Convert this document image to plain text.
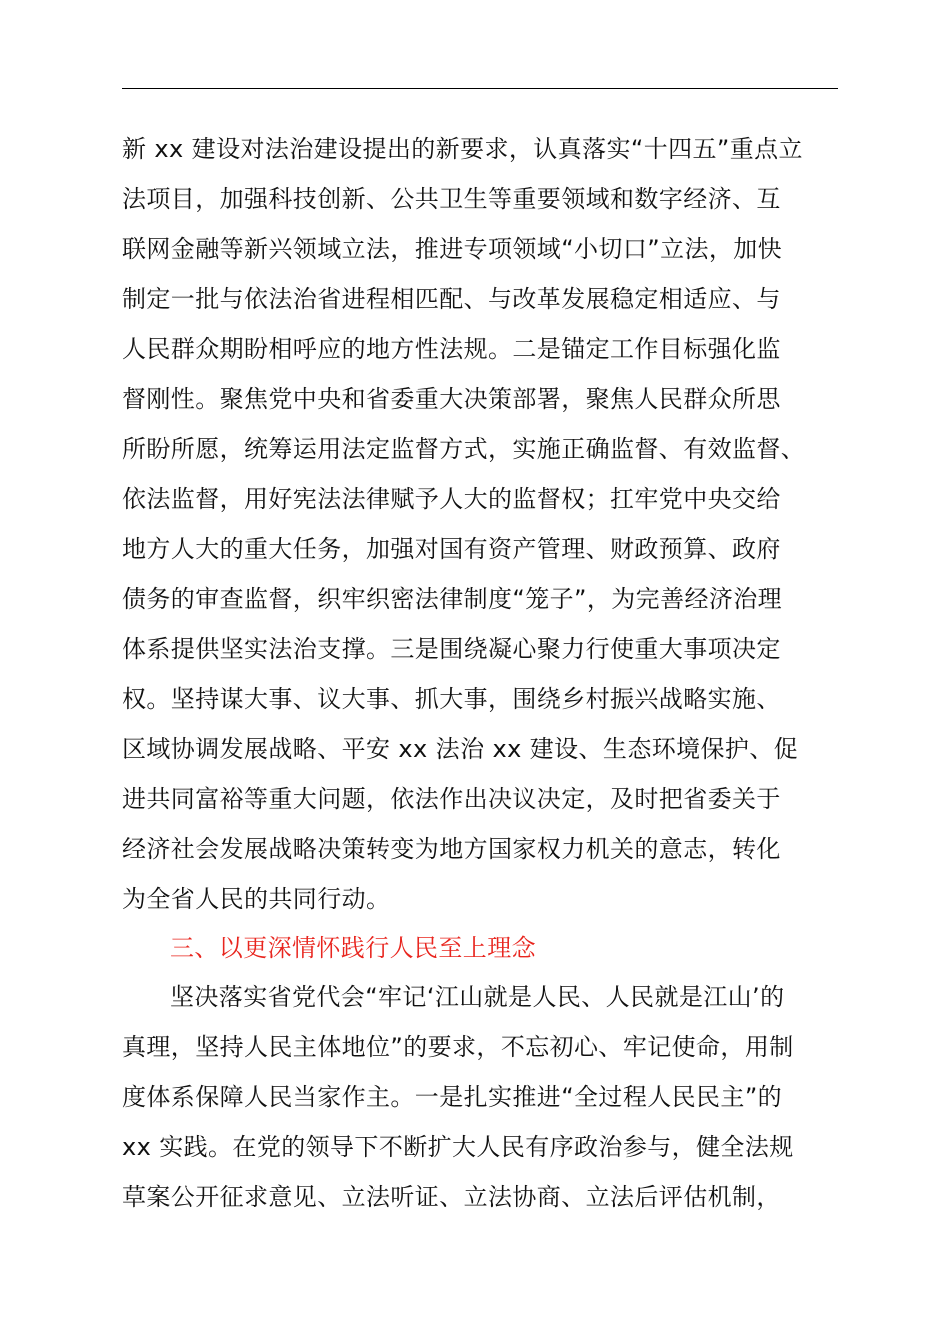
新 xx 建设对法治建设提出的新要求，认真落实“十四五”重点立
法项目，加强科技创新、公共卫生等重要领域和数字经济、互
联网金融等新兴领域立法，推进专项领域“小切口”立法，加快
制定一批与依法治省进程相匹配、与改革发展稳定相适应、与
人民群众期盼相呼应的地方性法规。二是锚定工作目标强化监
督刚性。聚焦党中央和省委重大决策部署，聚焦人民群众所思
所盼所愿，统筹运用法定监督方式，实施正确监督、有效监督、
依法监督，用好宪法法律赋予人大的监督权；扛牢党中央交给
地方人大的重大任务，加强对国有资产管理、财政预算、政府
债务的审查监督，织牢织密法律制度“笼子”，为完善经济治理
体系提供坚实法治支撑。三是围绕凝心聚力行使重大事项决定
权。坚持谋大事、议大事、抓大事，围绕乡村振兴战略实施、
区域协调发展战略、平安 xx 法治 xx 建设、生态环境保护、促
进共同富裕等重大问题，依法作出决议决定，及时把省委关于
经济社会发展战略决策转变为地方国家权力机关的意志，转化
为全省人民的共同行动。
三、以更深情怀践行人民至上理念
坚决落实省党代会“牢记‘江山就是人民、人民就是江山’的
真理，坚持人民主体地位”的要求，不忘初心、牢记使命，用制
度体系保障人民当家作主。一是扎实推进“全过程人民民主”的
xx 实践。在党的领导下不断扩大人民有序政治参与，健全法规
草案公开征求意见、立法听证、立法协商、立法后评估机制，
